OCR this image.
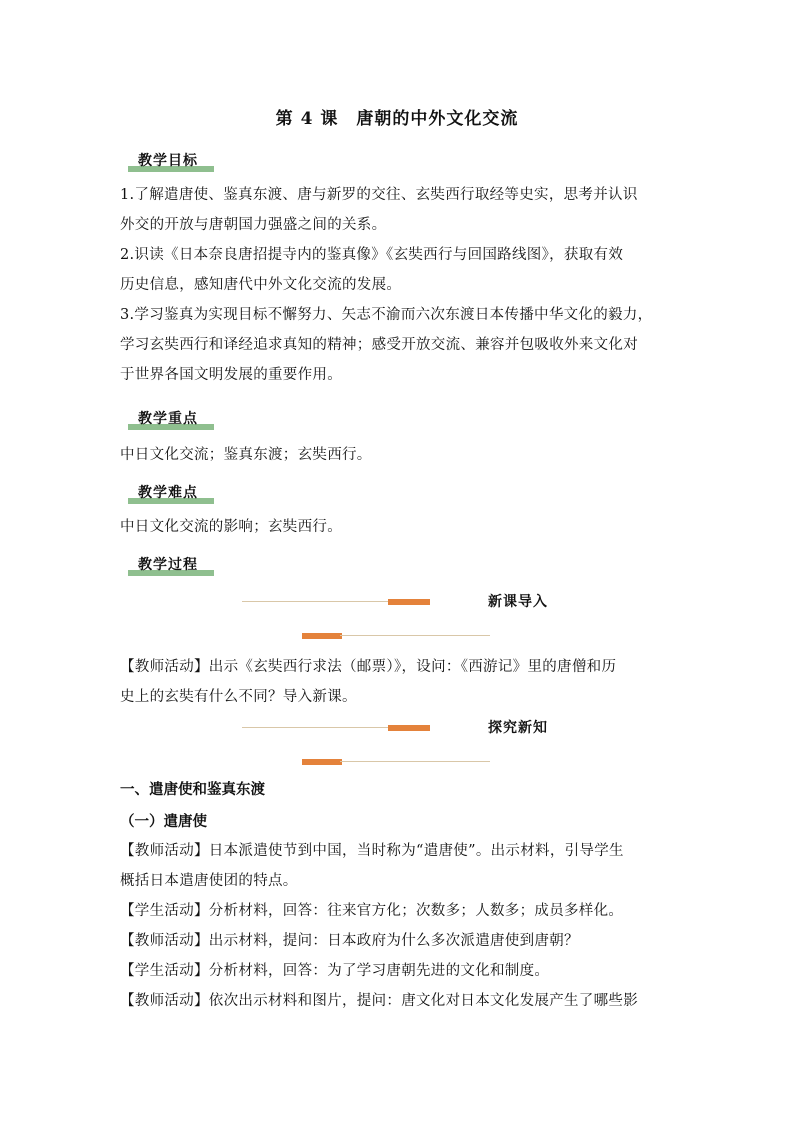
第 4 课　唐朝的中外文化交流
教学目标

1.了解遣唐使、鉴真东渡、唐与新罗的交往、玄奘西行取经等史实，思考并认识

外交的开放与唐朝国力强盛之间的关系。

2.识读《日本奈良唐招提寺内的鉴真像》《玄奘西行与回国路线图》，获取有效

历史信息，感知唐代中外文化交流的发展。

3.学习鉴真为实现目标不懈努力、矢志不渝而六次东渡日本传播中华文化的毅力，

学习玄奘西行和译经追求真知的精神；感受开放交流、兼容并包吸收外来文化对

于世界各国文明发展的重要作用。

教学重点

中日文化交流；鉴真东渡；玄奘西行。

教学难点

中日文化交流的影响；玄奘西行。

教学过程
新课导入

【教师活动】出示《玄奘西行求法（邮票）》，设问：《西游记》里的唐僧和历

史上的玄奘有什么不同？导入新课。

探究新知
一、遣唐使和鉴真东渡
（一）遣唐使

【教师活动】日本派遣使节到中国，当时称为“遣唐使”。出示材料，引导学生

概括日本遣唐使团的特点。

【学生活动】分析材料，回答：往来官方化；次数多；人数多；成员多样化。

【教师活动】出示材料，提问：日本政府为什么多次派遣唐使到唐朝？

【学生活动】分析材料，回答：为了学习唐朝先进的文化和制度。

【教师活动】依次出示材料和图片，提问：唐文化对日本文化发展产生了哪些影
